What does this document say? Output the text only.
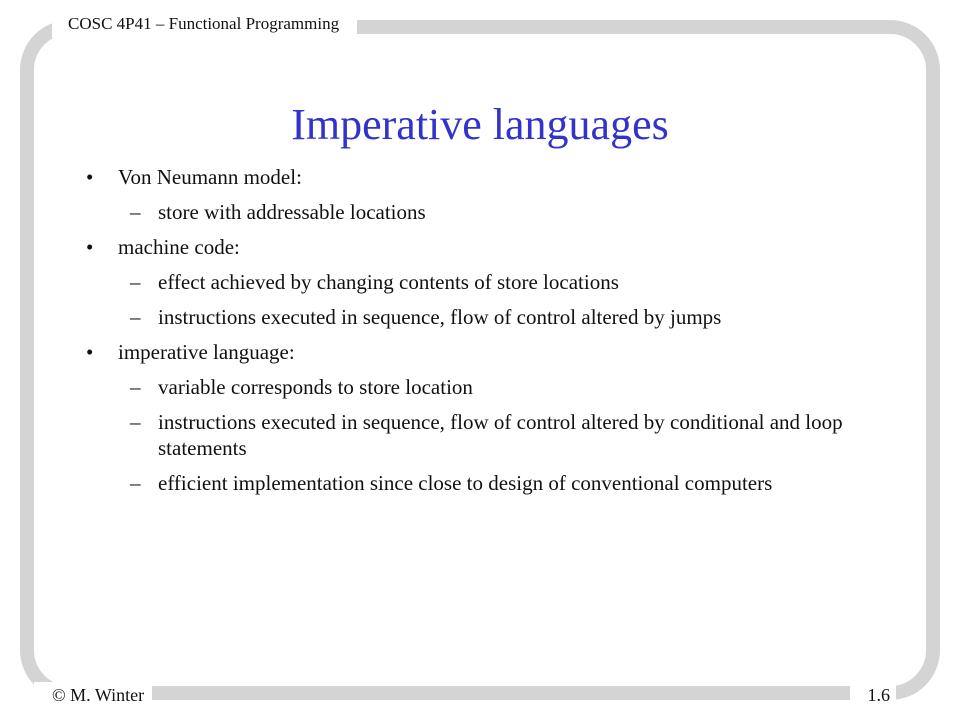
COSC 4P41 – Functional Programming
Imperative languages
• Von Neumann model:
– store with addressable locations
• machine code:
– effect achieved by changing contents of store locations
– instructions executed in sequence, flow of control altered by jumps
• imperative language:
– variable corresponds to store location
– instructions executed in sequence, flow of control altered by conditional and loop statements
– efficient implementation since close to design of conventional computers
© M. Winter	1.6
